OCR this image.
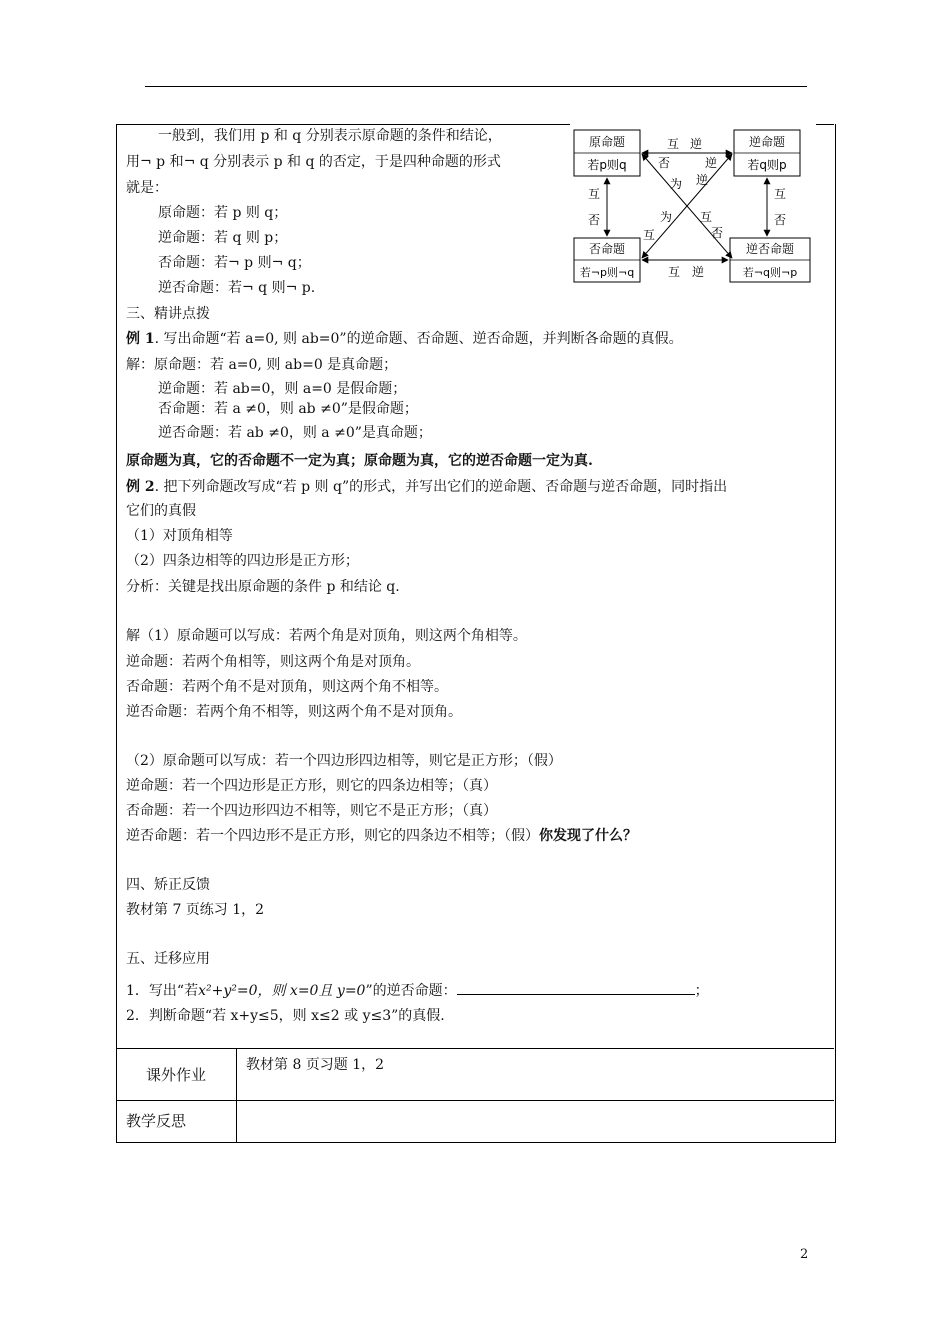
一般到，我们用 p 和 q 分别表示原命题的条件和结论，
用¬ p 和¬ q 分别表示 p 和 q 的否定，于是四种命题的形式
就是：
原命题：若 p 则 q；
逆命题：若 q 则 p；
否命题：若¬ p 则¬ q；
逆否命题：若¬ q 则¬ p.
原命题
若p则q
逆命题
若q则p
否命题
若¬p则¬q
逆否命题
若¬q则¬p
互 逆
互 逆
互
否
互
否
否	逆
为 逆
为
互
互
否
三、精讲点拨
例 1. 写出命题“若 a=0, 则 ab=0”的逆命题、否命题、逆否命题，并判断各命题的真假。
解：原命题：若 a=0, 则 ab=0 是真命题；
逆命题：若 ab=0，则 a=0 是假命题；
否命题：若 a ≠0，则 ab ≠0”是假命题；
逆否命题：若 ab ≠0，则 a ≠0”是真命题；
原命题为真，它的否命题不一定为真；原命题为真，它的逆否命题一定为真.
例 2. 把下列命题改写成“若 p 则 q”的形式，并写出它们的逆命题、否命题与逆否命题，同时指出
它们的真假
（1）对顶角相等
（2）四条边相等的四边形是正方形；
分析：关键是找出原命题的条件 p 和结论 q.
解（1）原命题可以写成：若两个角是对顶角，则这两个角相等。
逆命题：若两个角相等，则这两个角是对顶角。
否命题：若两个角不是对顶角，则这两个角不相等。
逆否命题：若两个角不相等，则这两个角不是对顶角。
（2）原命题可以写成：若一个四边形四边相等，则它是正方形；（假）
逆命题：若一个四边形是正方形，则它的四条边相等；（真）
否命题：若一个四边形四边不相等，则它不是正方形；（真）
逆否命题：若一个四边形不是正方形，则它的四条边不相等；（假）你发现了什么？
四、矫正反馈
教材第 7 页练习 1，2
五、迁移应用
1．写出“若x²+y²=0，则 x=0且 y=0”的逆否命题：	；
2．判断命题“若 x+y≤5，则 x≤2 或 y≤3”的真假.
课外作业
教材第 8 页习题 1，2
教学反思
2
